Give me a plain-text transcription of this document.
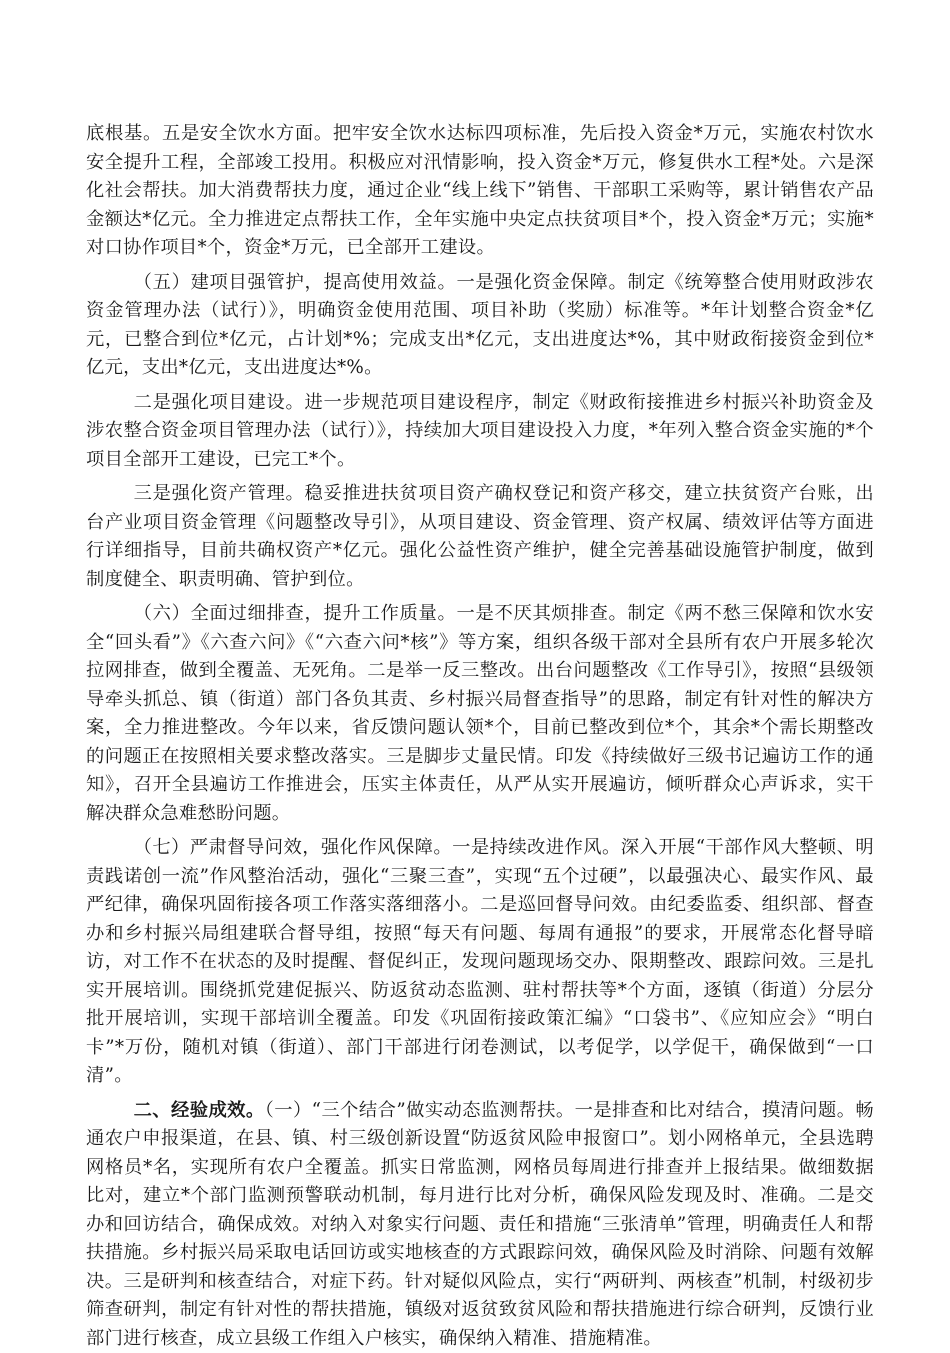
底根基。五是安全饮水方面。把牢安全饮水达标四项标准，先后投入资金*万元，实施农村饮水安全提升工程，全部竣工投用。积极应对汛情影响，投入资金*万元，修复供水工程*处。六是深化社会帮扶。加大消费帮扶力度，通过企业“线上线下”销售、干部职工采购等，累计销售农产品金额达*亿元。全力推进定点帮扶工作，全年实施中央定点扶贫项目*个，投入资金*万元；实施*对口协作项目*个，资金*万元，已全部开工建设。

（五）建项目强管护，提高使用效益。一是强化资金保障。制定《统筹整合使用财政涉农资金管理办法（试行）》，明确资金使用范围、项目补助（奖励）标准等。*年计划整合资金*亿元，已整合到位*亿元，占计划*%；完成支出*亿元，支出进度达*%，其中财政衔接资金到位*亿元，支出*亿元，支出进度达*%。

二是强化项目建设。进一步规范项目建设程序，制定《财政衔接推进乡村振兴补助资金及涉农整合资金项目管理办法（试行）》，持续加大项目建设投入力度，*年列入整合资金实施的*个项目全部开工建设，已完工*个。

三是强化资产管理。稳妥推进扶贫项目资产确权登记和资产移交，建立扶贫资产台账，出台产业项目资金管理《问题整改导引》，从项目建设、资金管理、资产权属、绩效评估等方面进行详细指导，目前共确权资产*亿元。强化公益性资产维护，健全完善基础设施管护制度，做到制度健全、职责明确、管护到位。

（六）全面过细排查，提升工作质量。一是不厌其烦排查。制定《两不愁三保障和饮水安全“回头看”》《六查六问》《“六查六问*核”》等方案，组织各级干部对全县所有农户开展多轮次拉网排查，做到全覆盖、无死角。二是举一反三整改。出台问题整改《工作导引》，按照“县级领导牵头抓总、镇（街道）部门各负其责、乡村振兴局督查指导”的思路，制定有针对性的解决方案，全力推进整改。今年以来，省反馈问题认领*个，目前已整改到位*个，其余*个需长期整改的问题正在按照相关要求整改落实。三是脚步丈量民情。印发《持续做好三级书记遍访工作的通知》，召开全县遍访工作推进会，压实主体责任，从严从实开展遍访，倾听群众心声诉求，实干解决群众急难愁盼问题。

（七）严肃督导问效，强化作风保障。一是持续改进作风。深入开展“干部作风大整顿、明责践诺创一流”作风整治活动，强化“三聚三查”，实现“五个过硬”，以最强决心、最实作风、最严纪律，确保巩固衔接各项工作落实落细落小。二是巡回督导问效。由纪委监委、组织部、督查办和乡村振兴局组建联合督导组，按照“每天有问题、每周有通报”的要求，开展常态化督导暗访，对工作不在状态的及时提醒、督促纠正，发现问题现场交办、限期整改、跟踪问效。三是扎实开展培训。围绕抓党建促振兴、防返贫动态监测、驻村帮扶等*个方面，逐镇（街道）分层分批开展培训，实现干部培训全覆盖。印发《巩固衔接政策汇编》“口袋书”、《应知应会》“明白卡”*万份，随机对镇（街道）、部门干部进行闭卷测试，以考促学，以学促干，确保做到“一口清”。

二、经验成效。（一）“三个结合”做实动态监测帮扶。一是排查和比对结合，摸清问题。畅通农户申报渠道，在县、镇、村三级创新设置“防返贫风险申报窗口”。划小网格单元，全县选聘网格员*名，实现所有农户全覆盖。抓实日常监测，网格员每周进行排查并上报结果。做细数据比对，建立*个部门监测预警联动机制，每月进行比对分析，确保风险发现及时、准确。二是交办和回访结合，确保成效。对纳入对象实行问题、责任和措施“三张清单”管理，明确责任人和帮扶措施。乡村振兴局采取电话回访或实地核查的方式跟踪问效，确保风险及时消除、问题有效解决。三是研判和核查结合，对症下药。针对疑似风险点，实行“两研判、两核查”机制，村级初步筛查研判，制定有针对性的帮扶措施，镇级对返贫致贫风险和帮扶措施进行综合研判，反馈行业部门进行核查，成立县级工作组入户核实，确保纳入精准、措施精准。
